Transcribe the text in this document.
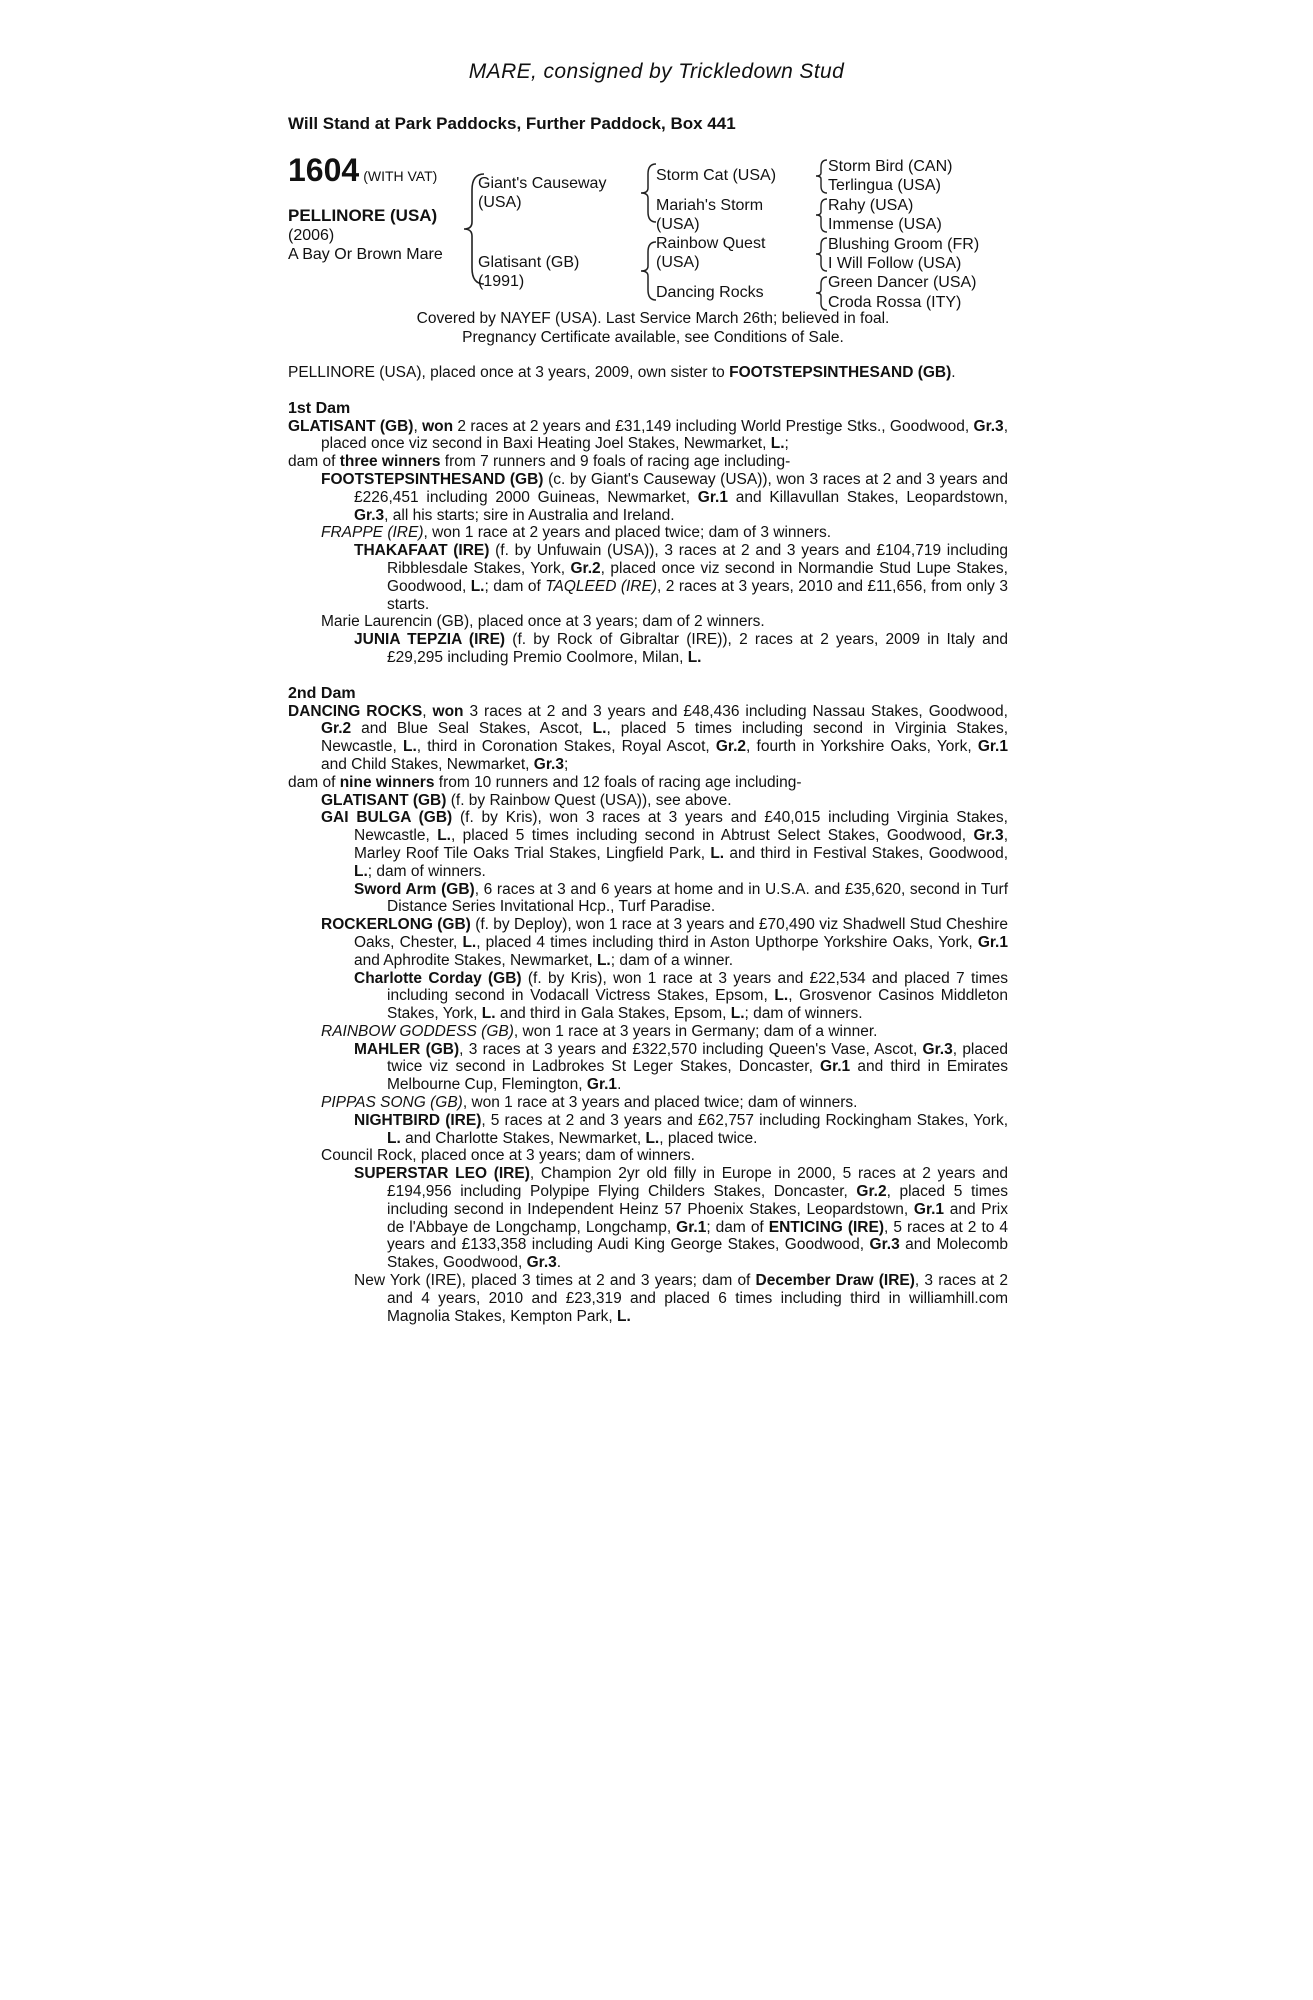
MARE, consigned by Trickledown Stud
Will Stand at Park Paddocks, Further Paddock, Box 441
1604 (WITH VAT)
PELLINORE (USA)
(2006)
A Bay Or Brown Mare
Giant's Causeway
(USA)
Glatisant (GB)
(1991)
Storm Cat (USA)
Mariah's Storm
(USA)
Rainbow Quest
(USA)
Dancing Rocks
Storm Bird (CAN)
Terlingua (USA)
Rahy (USA)
Immense (USA)
Blushing Groom (FR)
I Will Follow (USA)
Green Dancer (USA)
Croda Rossa (ITY)
Covered by NAYEF (USA). Last Service March 26th; believed in foal.
Pregnancy Certificate available, see Conditions of Sale.

PELLINORE (USA), placed once at 3 years, 2009, own sister to FOOTSTEPSINTHESAND (GB).

1st Dam

GLATISANT (GB), won 2 races at 2 years and £31,149 including World Prestige Stks., Goodwood, Gr.3, placed once viz second in Baxi Heating Joel Stakes, Newmarket, L.;

dam of three winners from 7 runners and 9 foals of racing age including-

FOOTSTEPSINTHESAND (GB) (c. by Giant's Causeway (USA)), won 3 races at 2 and 3 years and £226,451 including 2000 Guineas, Newmarket, Gr.1 and Killavullan Stakes, Leopardstown, Gr.3, all his starts; sire in Australia and Ireland.

FRAPPE (IRE), won 1 race at 2 years and placed twice; dam of 3 winners.

THAKAFAAT (IRE) (f. by Unfuwain (USA)), 3 races at 2 and 3 years and £104,719 including Ribblesdale Stakes, York, Gr.2, placed once viz second in Normandie Stud Lupe Stakes, Goodwood, L.; dam of TAQLEED (IRE), 2 races at 3 years, 2010 and £11,656, from only 3 starts.

Marie Laurencin (GB), placed once at 3 years; dam of 2 winners.

JUNIA TEPZIA (IRE) (f. by Rock of Gibraltar (IRE)), 2 races at 2 years, 2009 in Italy and £29,295 including Premio Coolmore, Milan, L.

2nd Dam

DANCING ROCKS, won 3 races at 2 and 3 years and £48,436 including Nassau Stakes, Goodwood, Gr.2 and Blue Seal Stakes, Ascot, L., placed 5 times including second in Virginia Stakes, Newcastle, L., third in Coronation Stakes, Royal Ascot, Gr.2, fourth in Yorkshire Oaks, York, Gr.1 and Child Stakes, Newmarket, Gr.3;

dam of nine winners from 10 runners and 12 foals of racing age including-

GLATISANT (GB) (f. by Rainbow Quest (USA)), see above.

GAI BULGA (GB) (f. by Kris), won 3 races at 3 years and £40,015 including Virginia Stakes, Newcastle, L., placed 5 times including second in Abtrust Select Stakes, Goodwood, Gr.3, Marley Roof Tile Oaks Trial Stakes, Lingfield Park, L. and third in Festival Stakes, Goodwood, L.; dam of winners.

Sword Arm (GB), 6 races at 3 and 6 years at home and in U.S.A. and £35,620, second in Turf Distance Series Invitational Hcp., Turf Paradise.

ROCKERLONG (GB) (f. by Deploy), won 1 race at 3 years and £70,490 viz Shadwell Stud Cheshire Oaks, Chester, L., placed 4 times including third in Aston Upthorpe Yorkshire Oaks, York, Gr.1 and Aphrodite Stakes, Newmarket, L.; dam of a winner.

Charlotte Corday (GB) (f. by Kris), won 1 race at 3 years and £22,534 and placed 7 times including second in Vodacall Victress Stakes, Epsom, L., Grosvenor Casinos Middleton Stakes, York, L. and third in Gala Stakes, Epsom, L.; dam of winners.

RAINBOW GODDESS (GB), won 1 race at 3 years in Germany; dam of a winner.

MAHLER (GB), 3 races at 3 years and £322,570 including Queen's Vase, Ascot, Gr.3, placed twice viz second in Ladbrokes St Leger Stakes, Doncaster, Gr.1 and third in Emirates Melbourne Cup, Flemington, Gr.1.

PIPPAS SONG (GB), won 1 race at 3 years and placed twice; dam of winners.

NIGHTBIRD (IRE), 5 races at 2 and 3 years and £62,757 including Rockingham Stakes, York, L. and Charlotte Stakes, Newmarket, L., placed twice.

Council Rock, placed once at 3 years; dam of winners.

SUPERSTAR LEO (IRE), Champion 2yr old filly in Europe in 2000, 5 races at 2 years and £194,956 including Polypipe Flying Childers Stakes, Doncaster, Gr.2, placed 5 times including second in Independent Heinz 57 Phoenix Stakes, Leopardstown, Gr.1 and Prix de l'Abbaye de Longchamp, Longchamp, Gr.1; dam of ENTICING (IRE), 5 races at 2 to 4 years and £133,358 including Audi King George Stakes, Goodwood, Gr.3 and Molecomb Stakes, Goodwood, Gr.3.

New York (IRE), placed 3 times at 2 and 3 years; dam of December Draw (IRE), 3 races at 2 and 4 years, 2010 and £23,319 and placed 6 times including third in williamhill.com Magnolia Stakes, Kempton Park, L.
